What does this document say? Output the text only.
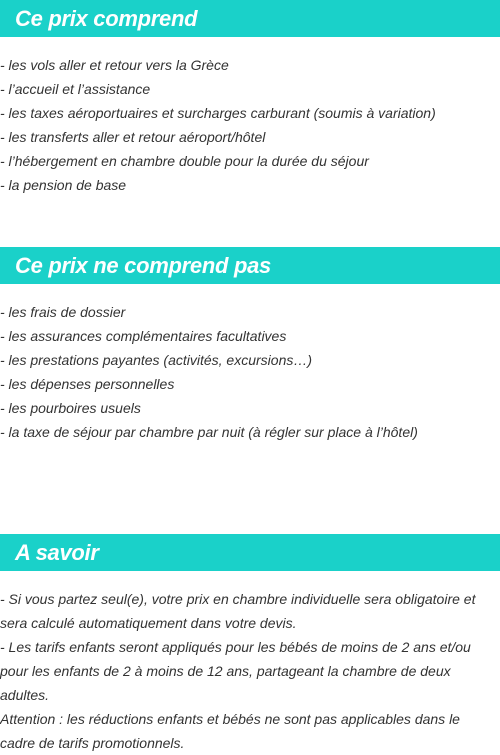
Ce prix comprend
- les vols aller et retour vers la Grèce
- l’accueil et l’assistance
- les taxes aéroportuaires et surcharges carburant (soumis à variation)
- les transferts aller et retour aéroport/hôtel
- l’hébergement en chambre double pour la durée du séjour
- la pension de base
Ce prix ne comprend pas
- les frais de dossier
- les assurances complémentaires facultatives
- les prestations payantes (activités, excursions…)
- les dépenses personnelles
- les pourboires usuels
- la taxe de séjour par chambre par nuit (à régler sur place à l’hôtel)
A savoir

- Si vous partez seul(e), votre prix en chambre individuelle sera obligatoire et sera calculé automatiquement dans votre devis.

- Les tarifs enfants seront appliqués pour les bébés de moins de 2 ans et/ou pour les enfants de 2 à moins de 12 ans, partageant la chambre de deux adultes.

Attention : les réductions enfants et bébés ne sont pas applicables dans le cadre de tarifs promotionnels.
